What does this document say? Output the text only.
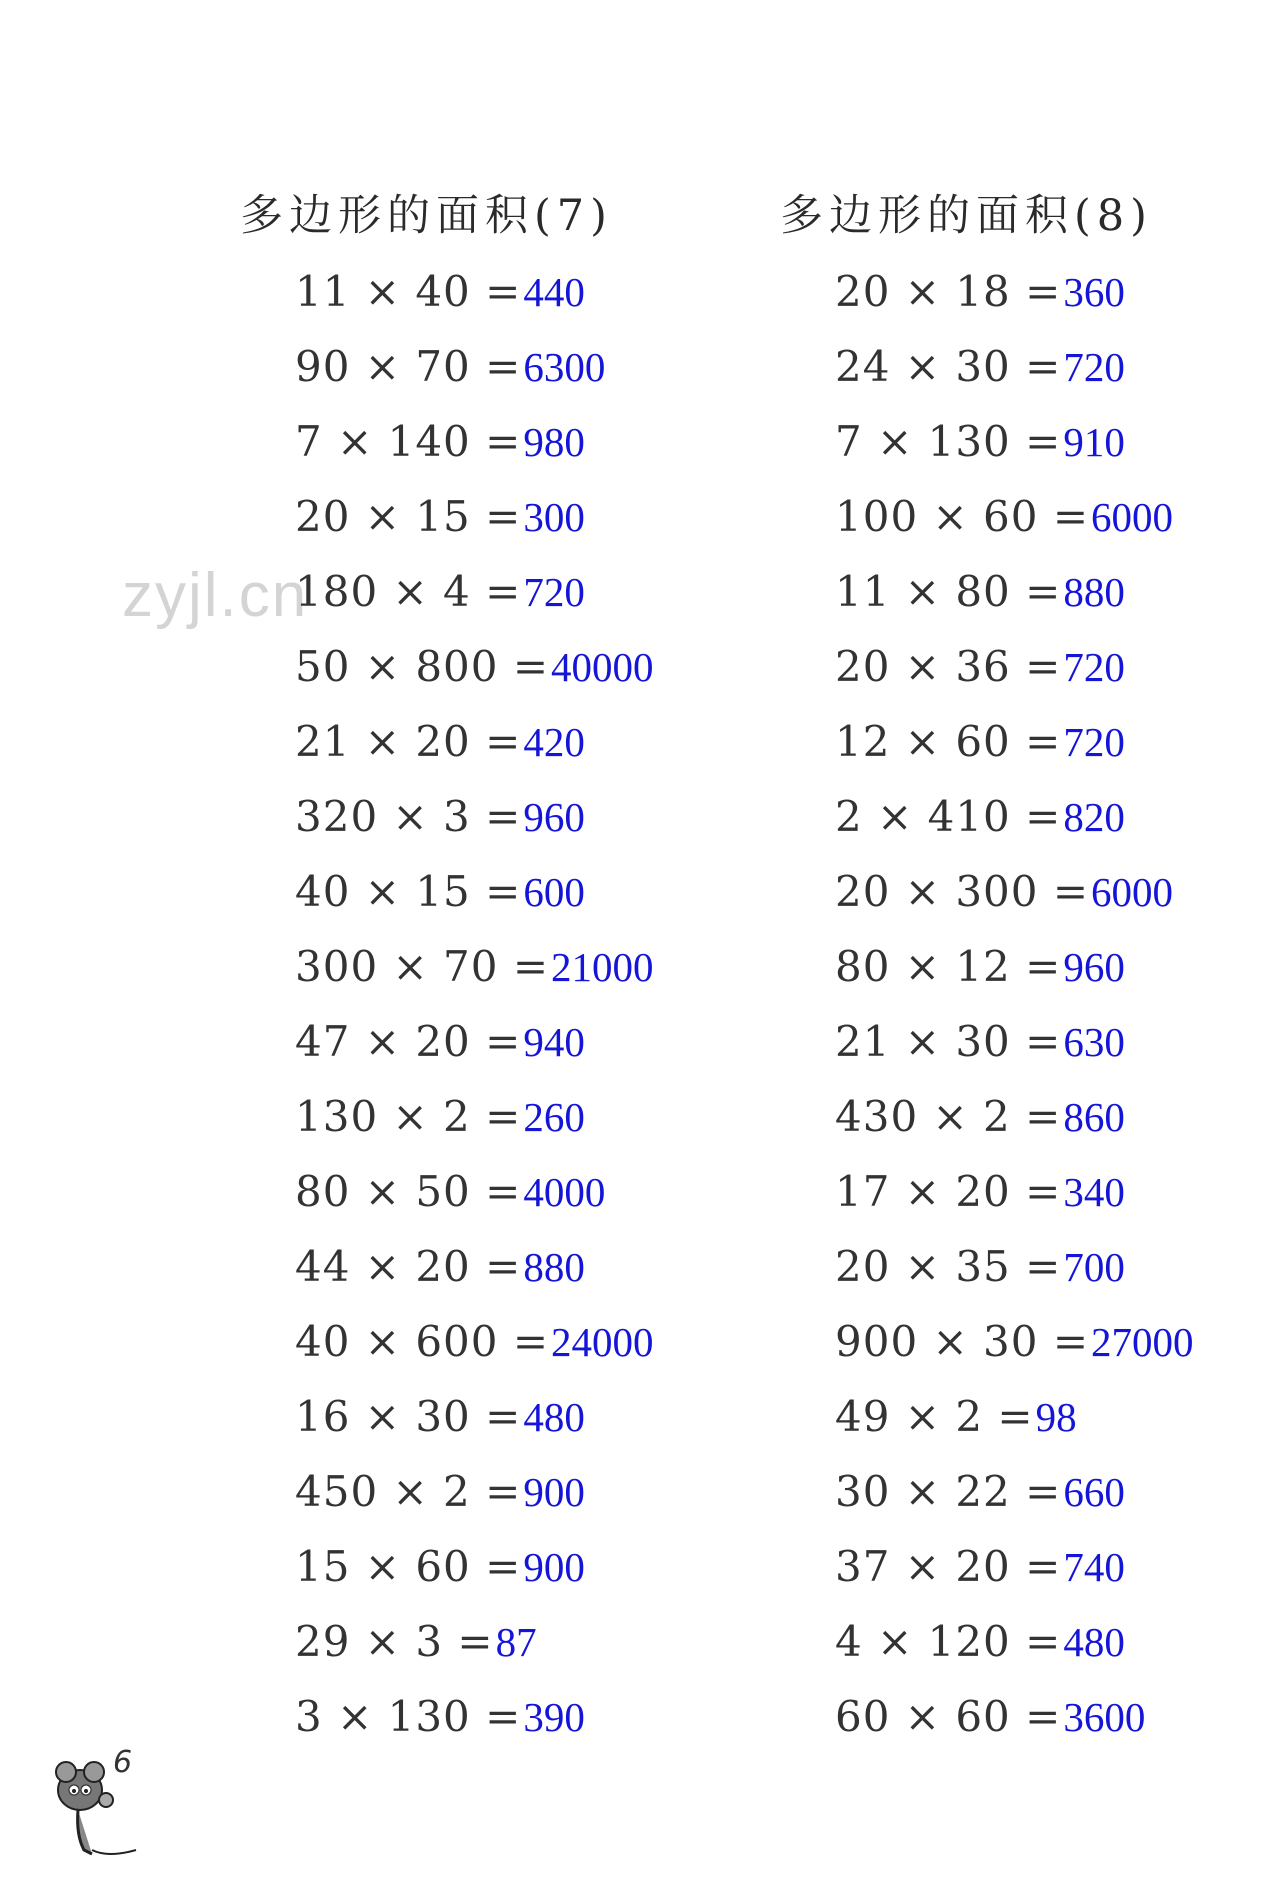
zyjl.cn
多边形的面积(7)
11 × 40 =440
90 × 70 =6300
7 × 140 =980
20 × 15 =300
180 × 4 =720
50 × 800 =40000
21 × 20 =420
320 × 3 =960
40 × 15 =600
300 × 70 =21000
47 × 20 =940
130 × 2 =260
80 × 50 =4000
44 × 20 =880
40 × 600 =24000
16 × 30 =480
450 × 2 =900
15 × 60 =900
29 × 3 =87
3 × 130 =390
多边形的面积(8)
20 × 18 =360
24 × 30 =720
7 × 130 =910
100 × 60 =6000
11 × 80 =880
20 × 36 =720
12 × 60 =720
2 × 410 =820
20 × 300 =6000
80 × 12 =960
21 × 30 =630
430 × 2 =860
17 × 20 =340
20 × 35 =700
900 × 30 =27000
49 × 2 =98
30 × 22 =660
37 × 20 =740
4 × 120 =480
60 × 60 =3600
6
